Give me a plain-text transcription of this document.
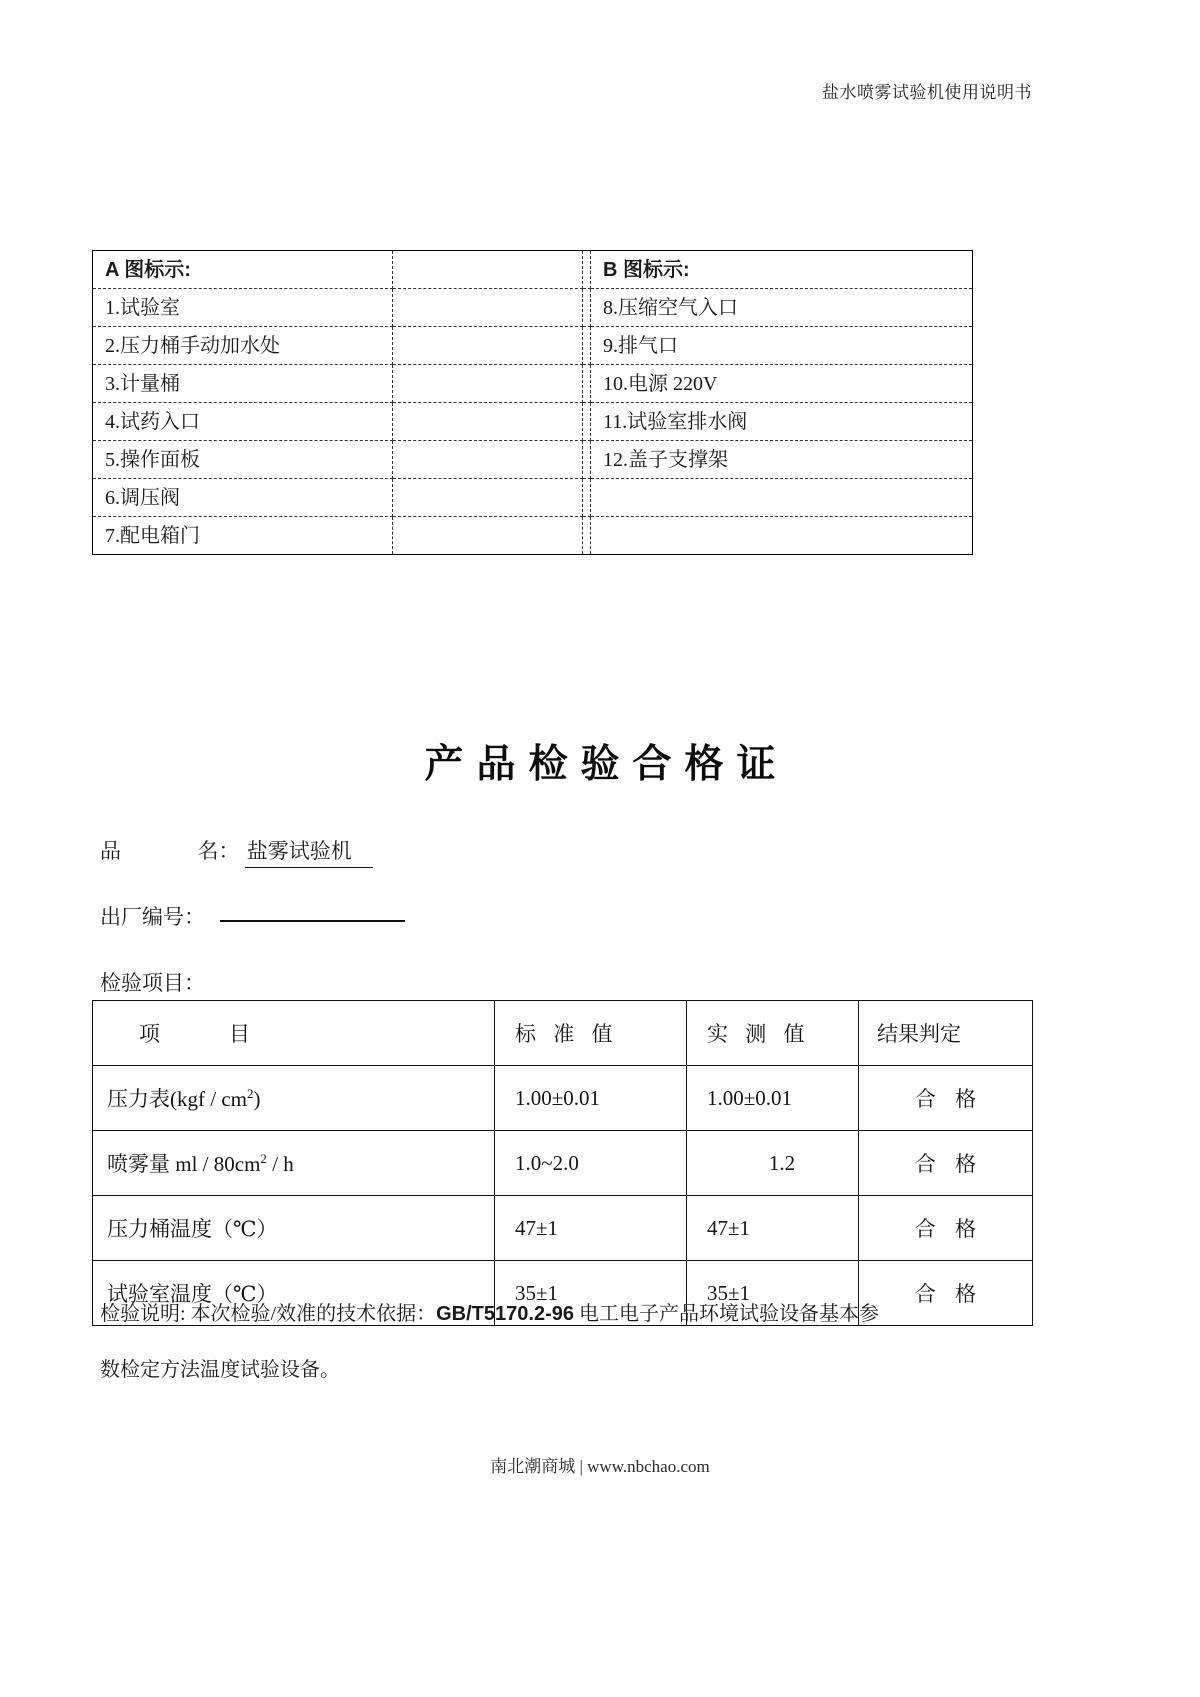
盐水喷雾试验机使用说明书
A 图标示:			B 图标示:
1.试验室			8.压缩空气入口
2.压力桶手动加水处			9.排气口
3.计量桶			10.电源 220V
4.试药入口			11.试验室排水阀
5.操作面板			12.盖子支撑架
6.调压阀			
7.配电箱门			
产品检验合格证
品	名： 盐雾试验机
出厂编号：
检验项目：
项　　目	标 准 值	实 测 值	结果判定
压力表$(kgf / cm^2)$	1.00±0.01	1.00±0.01	合 格
喷雾量 ml / $80cm^2$ / h	1.0~2.0	1.2	合 格
压力桶温度（℃）	47±1	47±1	合 格
试验室温度（℃）	35±1	35±1	合 格
检验说明: 本次检验/效准的技术依据：GB/T5170.2-96 电工电子产品环境试验设备基本参
数检定方法温度试验设备。
南北潮商城 | www.nbchao.com
